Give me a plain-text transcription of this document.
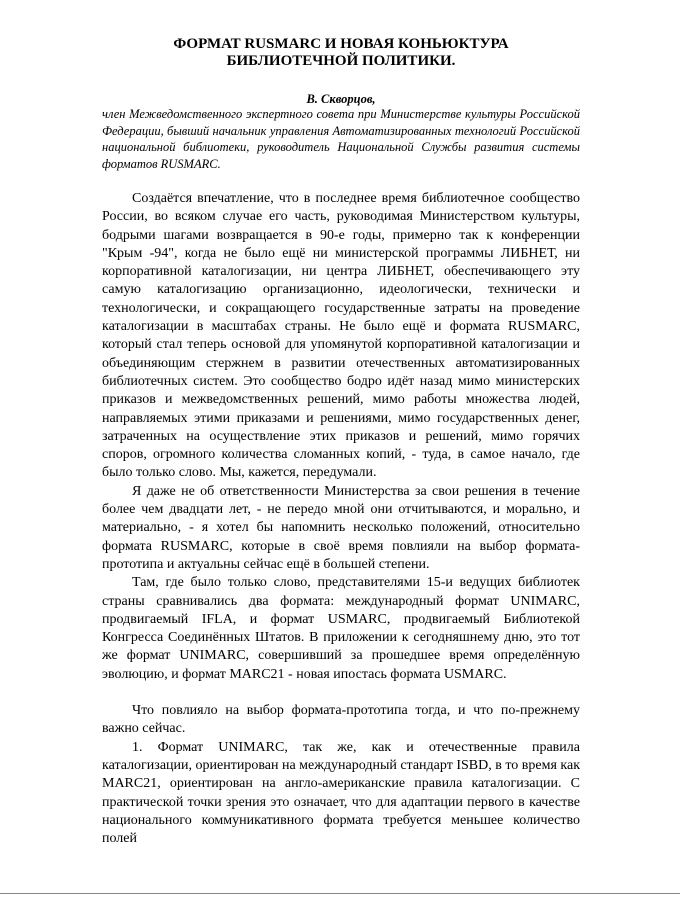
ФОРМАТ RUSMARC И НОВАЯ КОНЬЮКТУРА БИБЛИОТЕЧНОЙ ПОЛИТИКИ.
В. Скворцов,

член Межведомственного экспертного совета при Министерстве культуры Российской Федерации, бывший начальник управления Автоматизированных технологий Российской национальной библиотеки, руководитель Национальной Службы развития системы форматов RUSMARC.

Создаётся впечатление, что в последнее время библиотечное сообщество России, во всяком случае его часть, руководимая Министерством культуры, бодрыми шагами возвращается в 90-е годы, примерно так к конференции "Крым -94", когда не было ещё ни министерской программы ЛИБНЕТ, ни корпоративной каталогизации, ни центра ЛИБНЕТ, обеспечивающего эту самую каталогизацию организационно, идеологически, технически и технологически, и сокращающего государственные затраты на проведение каталогизации в масштабах страны. Не было ещё и формата RUSMARC, который стал теперь основой для упомянутой корпоративной каталогизации и объединяющим стержнем в развитии отечественных автоматизированных библиотечных систем. Это сообщество бодро идёт назад мимо министерских приказов и межведомственных решений, мимо работы множества людей, направляемых этими приказами и решениями, мимо государственных денег, затраченных на осуществление этих приказов и решений, мимо горячих споров, огромного количества сломанных копий, - туда, в самое начало, где было только слово. Мы, кажется, передумали.

Я даже не об ответственности Министерства за свои решения в течение более чем двадцати лет, - не передо мной они отчитываются, и морально, и материально, - я хотел бы напомнить несколько положений, относительно формата RUSMARC, которые в своё время повлияли на выбор формата-прототипа и актуальны сейчас ещё в большей степени.

Там, где было только слово, представителями 15-и ведущих библиотек страны сравнивались два формата: международный формат UNIMARC, продвигаемый IFLA, и формат USMARC, продвигаемый Библиотекой Конгресса Соединённых Штатов. В приложении к сегодняшнему дню, это тот же формат UNIMARC, совершивший за прошедшее время определённую эволюцию, и формат MARC21 - новая ипостась формата USMARC.

Что повлияло на выбор формата-прототипа тогда, и что по-прежнему важно сейчас.

1. Формат UNIMARC, так же, как и отечественные правила каталогизации, ориентирован на международный стандарт ISBD, в то время как MARC21, ориентирован на англо-американские правила каталогизации. С практической точки зрения это означает, что для адаптации первого в качестве национального коммуникативного формата требуется меньшее количество полей
